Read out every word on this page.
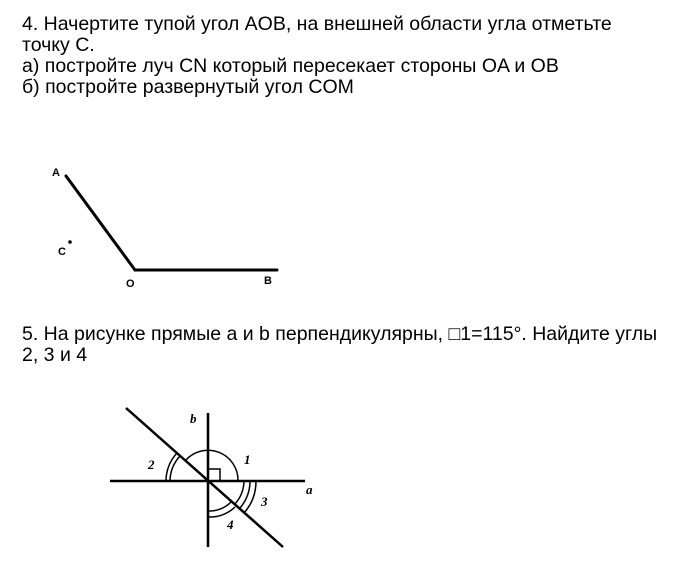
4. Начертите тупой угол AOB, на внешней области угла отметьте
точку C.
а) постройте луч CN который пересекает стороны OA и OB
б) постройте развернутый угол COM
A
C
O	B
b
a
1
2
3
4
5. На рисунке прямые a и b перпендикулярны, □1=115°. Найдите углы
2, 3 и 4
